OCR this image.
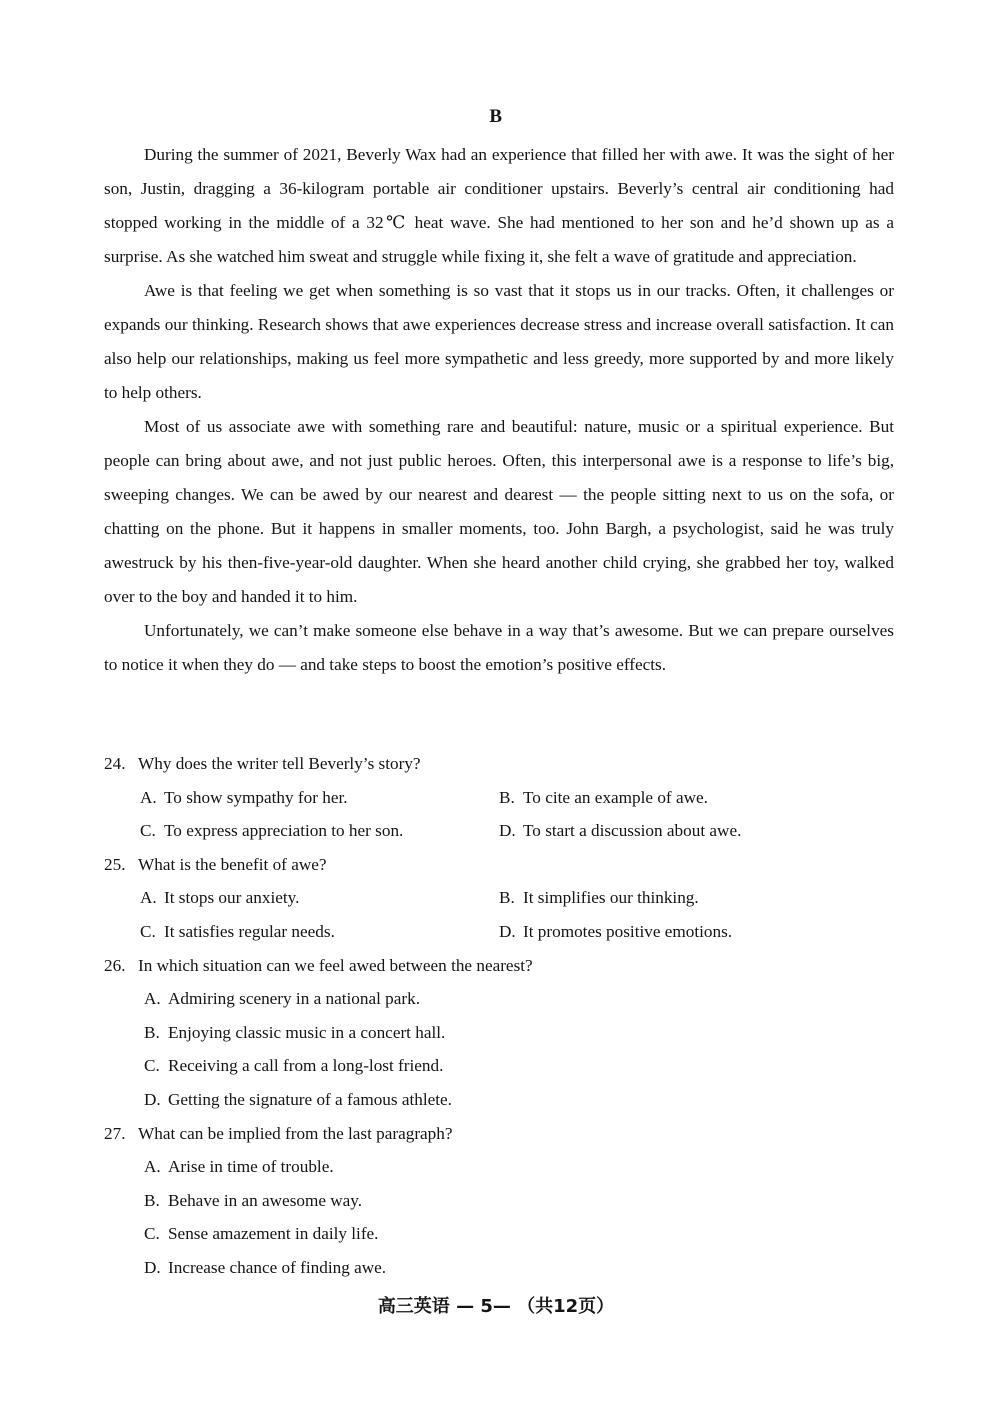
B

During the summer of 2021, Beverly Wax had an experience that filled her with awe. It was the sight of her son, Justin, dragging a 36-kilogram portable air conditioner upstairs. Beverly’s central air conditioning had stopped working in the middle of a 32℃ heat wave. She had mentioned to her son and he’d shown up as a surprise. As she watched him sweat and struggle while fixing it, she felt a wave of gratitude and appreciation.

Awe is that feeling we get when something is so vast that it stops us in our tracks. Often, it challenges or expands our thinking. Research shows that awe experiences decrease stress and increase overall satisfaction. It can also help our relationships, making us feel more sympathetic and less greedy, more supported by and more likely to help others.

Most of us associate awe with something rare and beautiful: nature, music or a spiritual experience. But people can bring about awe, and not just public heroes. Often, this interpersonal awe is a response to life’s big, sweeping changes. We can be awed by our nearest and dearest — the people sitting next to us on the sofa, or chatting on the phone. But it happens in smaller moments, too. John Bargh, a psychologist, said he was truly awestruck by his then-five-year-old daughter. When she heard another child crying, she grabbed her toy, walked over to the boy and handed it to him.

Unfortunately, we can’t make someone else behave in a way that’s awesome. But we can prepare ourselves to notice it when they do — and take steps to boost the emotion’s positive effects.

24. Why does the writer tell Beverly’s story?
A. To show sympathy for her.	B. To cite an example of awe.
C. To express appreciation to her son.	D. To start a discussion about awe.
25. What is the benefit of awe?
A. It stops our anxiety.	B. It simplifies our thinking.
C. It satisfies regular needs.	D. It promotes positive emotions.
26. In which situation can we feel awed between the nearest?
A. Admiring scenery in a national park.
B. Enjoying classic music in a concert hall.
C. Receiving a call from a long-lost friend.
D. Getting the signature of a famous athlete.
27. What can be implied from the last paragraph?
A. Arise in time of trouble.
B. Behave in an awesome way.
C. Sense amazement in daily life.
D. Increase chance of finding awe.
高三英语 — 5— （共12页）
